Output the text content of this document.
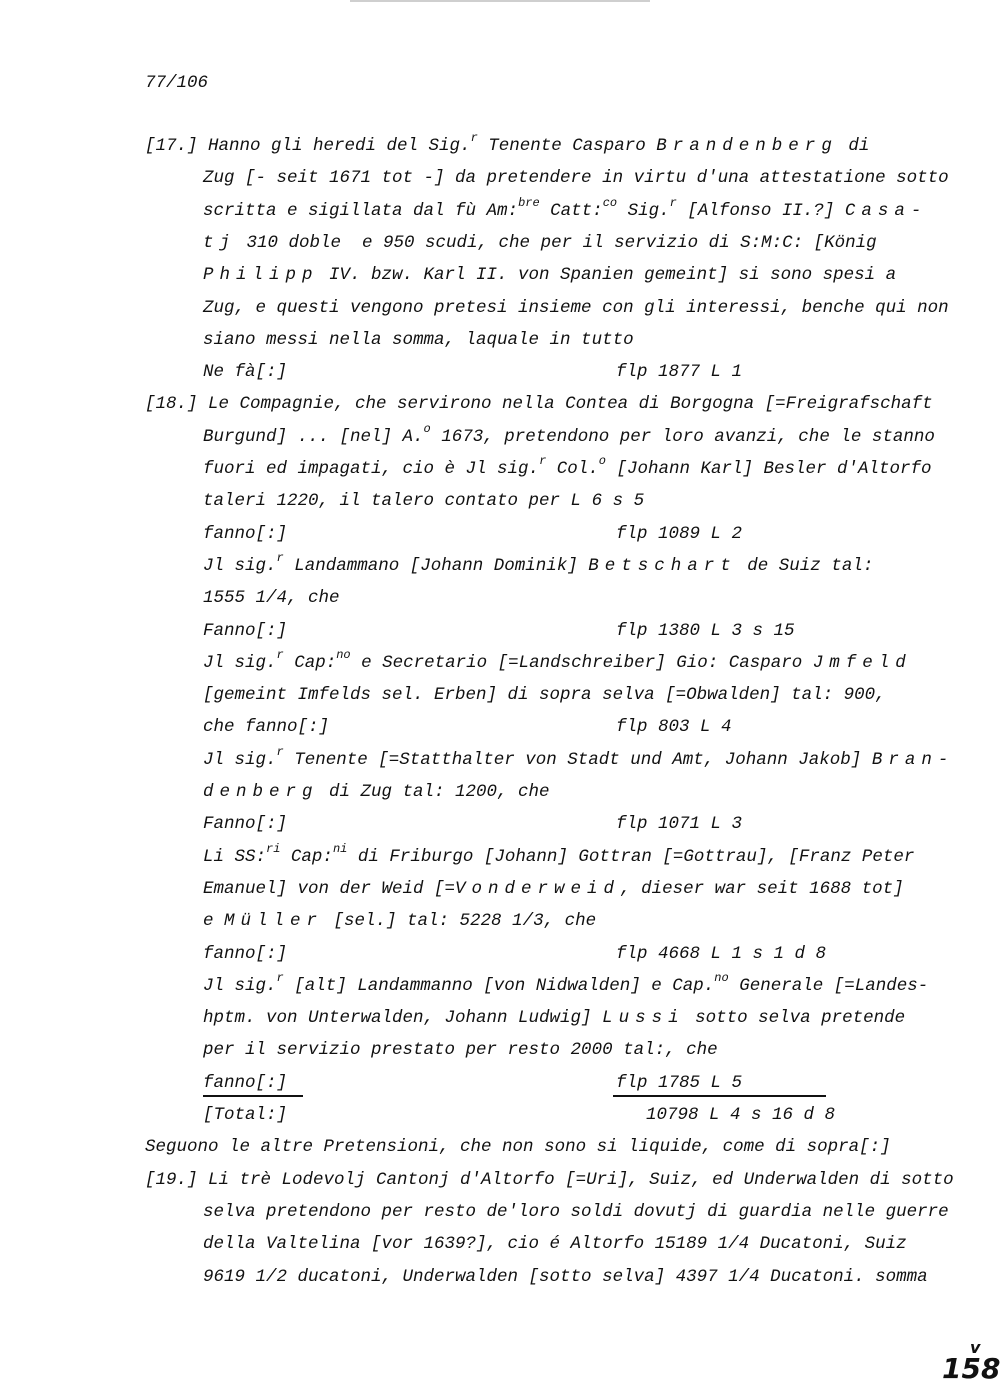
77/106
[17.] Hanno gli heredi del Sig.$^r$ Tenente Casparo Brandenberg di
Zug [- seit 1671 tot -] da pretendere in virtu d'una attestatione sotto
scritta e sigillata dal fù Am:$^{bre}$ Catt:$^{co}$ Sig.$^r$ [Alfonso II.?] Casa-
tj 310 doble  e 950 scudi, che per il servizio di S:M:C: [König
Philipp IV. bzw. Karl II. von Spanien gemeint] si sono spesi a
Zug, e questi vengono pretesi insieme con gli interessi, benche qui non
siano messi nella somma, laquale in tutto
Ne fà[:]	flp 1877 L 1
[18.] Le Compagnie, che servirono nella Contea di Borgogna [=Freigrafschaft
Burgund] ... [nel] A.$^o$ 1673, pretendono per loro avanzi, che le stanno
fuori ed impagati, cio è Jl sig.$^r$ Col.$^o$ [Johann Karl] Besler d'Altorfo
taleri 1220, il talero contato per L 6 s 5
fanno[:]	flp 1089 L 2
Jl sig.$^r$ Landammano [Johann Dominik] Betschart de Suiz tal:
1555 1/4, che
Fanno[:]	flp 1380 L 3 s 15
Jl sig.$^r$ Cap:$^{no}$ e Secretario [=Landschreiber] Gio: Casparo Jmfeld
[gemeint Imfelds sel. Erben] di sopra selva [=Obwalden] tal: 900,
che fanno[:]	flp 803 L 4
Jl sig.$^r$ Tenente [=Statthalter von Stadt und Amt, Johann Jakob] Bran-
denberg di Zug tal: 1200, che
Fanno[:]	flp 1071 L 3
Li SS:$^{ri}$ Cap:$^{ni}$ di Friburgo [Johann] Gottran [=Gottrau], [Franz Peter
Emanuel] von der Weid [=Vonderweid, dieser war seit 1688 tot]
e Müller [sel.] tal: 5228 1/3, che
fanno[:]	flp 4668 L 1 s 1 d 8
Jl sig.$^r$ [alt] Landammanno [von Nidwalden] e Cap.$^{no}$ Generale [=Landes-
hptm. von Unterwalden, Johann Ludwig] Lussi sotto selva pretende
per il servizio prestato per resto 2000 tal:, che
fanno[:]	flp 1785 L 5
[Total:]	10798 L 4 s 16 d 8
Seguono le altre Pretensioni, che non sono si liquide, come di sopra[:]
[19.] Li trè Lodevolj Cantonj d'Altorfo [=Uri], Suiz, ed Underwalden di sotto
selva pretendono per resto de'loro soldi dovutj di guardia nelle guerre
della Valtelina [vor 1639?], cio é Altorfo 15189 1/4 Ducatoni, Suiz
9619 1/2 ducatoni, Underwalden [sotto selva] 4397 1/4 Ducatoni. somma
v
158
